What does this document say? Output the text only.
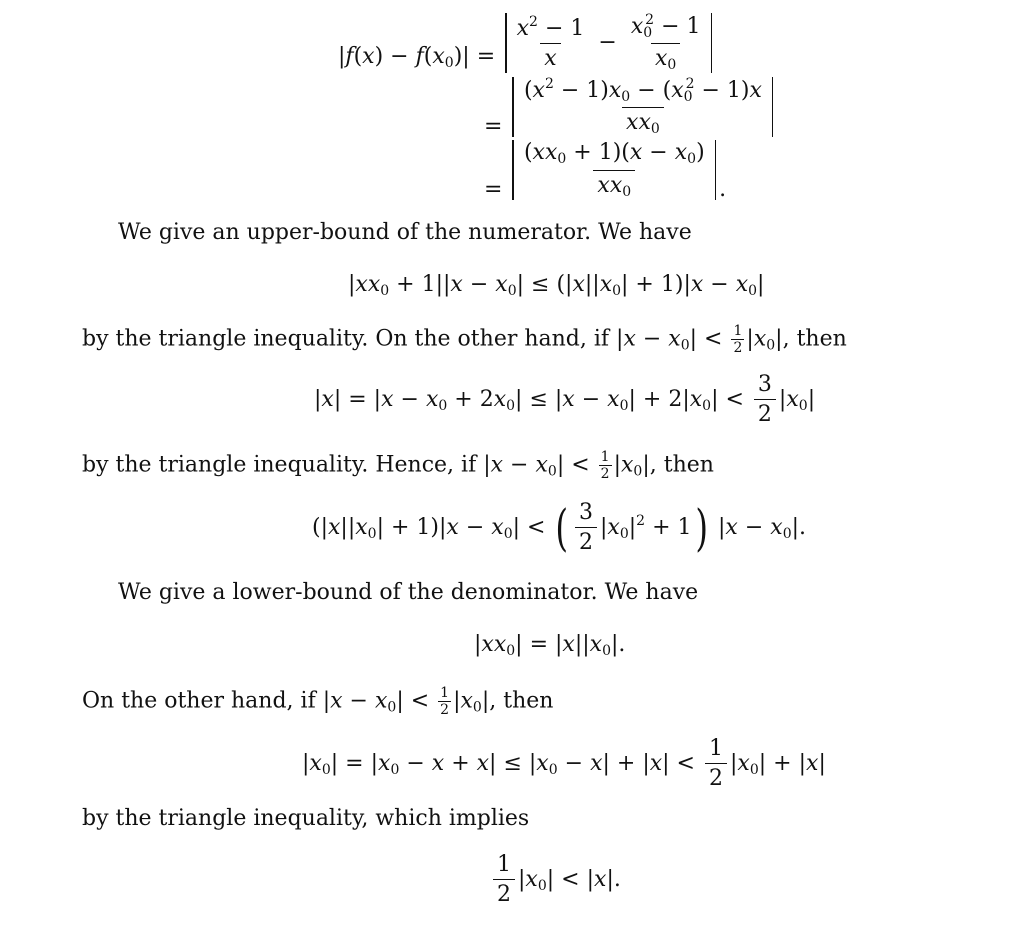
$|f(x) - f(x_0)| = \frac{x^2 - 1}{x} - \frac{x_0^2 - 1}{x_0}$
= $\frac{(x^2 - 1)x_0 - (x_0^2 - 1)x}{xx_0}$
= $\frac{(xx_0 + 1)(x - x_0)}{xx_0}$ .
We give an upper-bound of the numerator. We have
$|xx_0 + 1||x - x_0| \le (|x||x_0| + 1)|x - x_0|$
by the triangle inequality. On the other hand, if $|x - x_0| < \frac{1}{2} |x_0|$, then
$|x| = |x - x_0 + 2x_0| \le |x - x_0| + 2|x_0| < \frac{3}{2} |x_0|$
by the triangle inequality. Hence, if $|x - x_0| < \frac{1}{2} |x_0|$, then
$(|x||x_0| + 1)|x - x_0|$ < ( $\frac{3}{2} |x_0|^2 + 1$) $|x - x_0|$.
We give a lower-bound of the denominator. We have
$|xx_0| = |x||x_0|$.
On the other hand, if $|x - x_0| < \frac{1}{2} |x_0|$, then
$|x_0| = |x_0 - x + x| \le |x_0 - x| + |x| < \frac{1}{2} |x_0| + |x|$
by the triangle inequality, which implies
$\frac{1}{2} |x_0| < |x|$.
